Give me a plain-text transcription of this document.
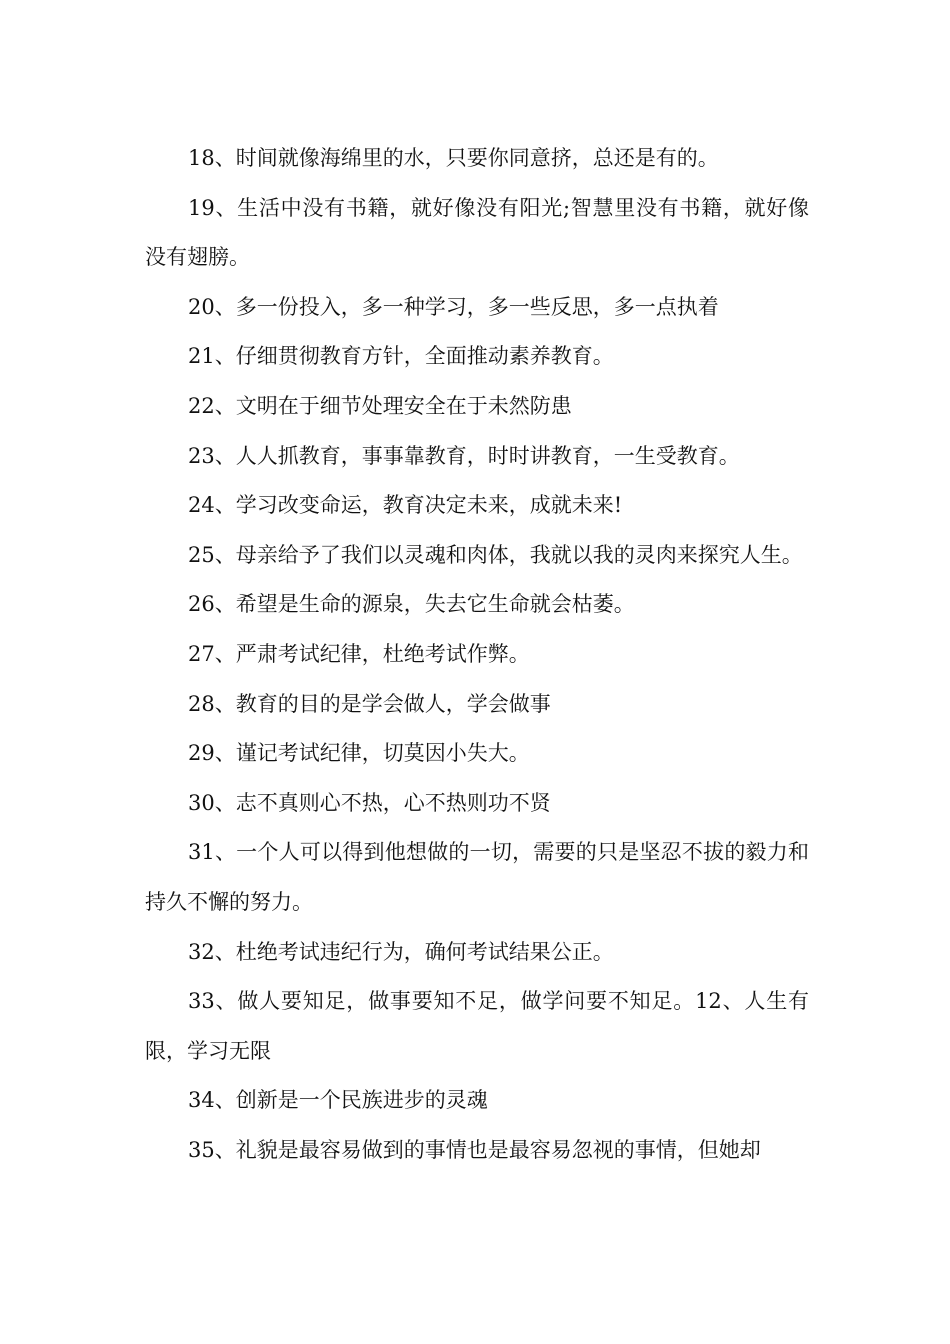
18、时间就像海绵里的水，只要你同意挤，总还是有的。

19、生活中没有书籍，就好像没有阳光;智慧里没有书籍，就好像没有翅膀。

20、多一份投入，多一种学习，多一些反思，多一点执着

21、仔细贯彻教育方针，全面推动素养教育。

22、文明在于细节处理安全在于未然防患

23、人人抓教育，事事靠教育，时时讲教育，一生受教育。

24、学习改变命运，教育决定未来，成就未来!

25、母亲给予了我们以灵魂和肉体，我就以我的灵肉来探究人生。

26、希望是生命的源泉，失去它生命就会枯萎。

27、严肃考试纪律，杜绝考试作弊。

28、教育的目的是学会做人，学会做事

29、谨记考试纪律，切莫因小失大。

30、志不真则心不热，心不热则功不贤

31、一个人可以得到他想做的一切，需要的只是坚忍不拔的毅力和持久不懈的努力。

32、杜绝考试违纪行为，确何考试结果公正。

33、做人要知足，做事要知不足，做学问要不知足。12、人生有限，学习无限

34、创新是一个民族进步的灵魂

35、礼貌是最容易做到的事情也是最容易忽视的事情，但她却
